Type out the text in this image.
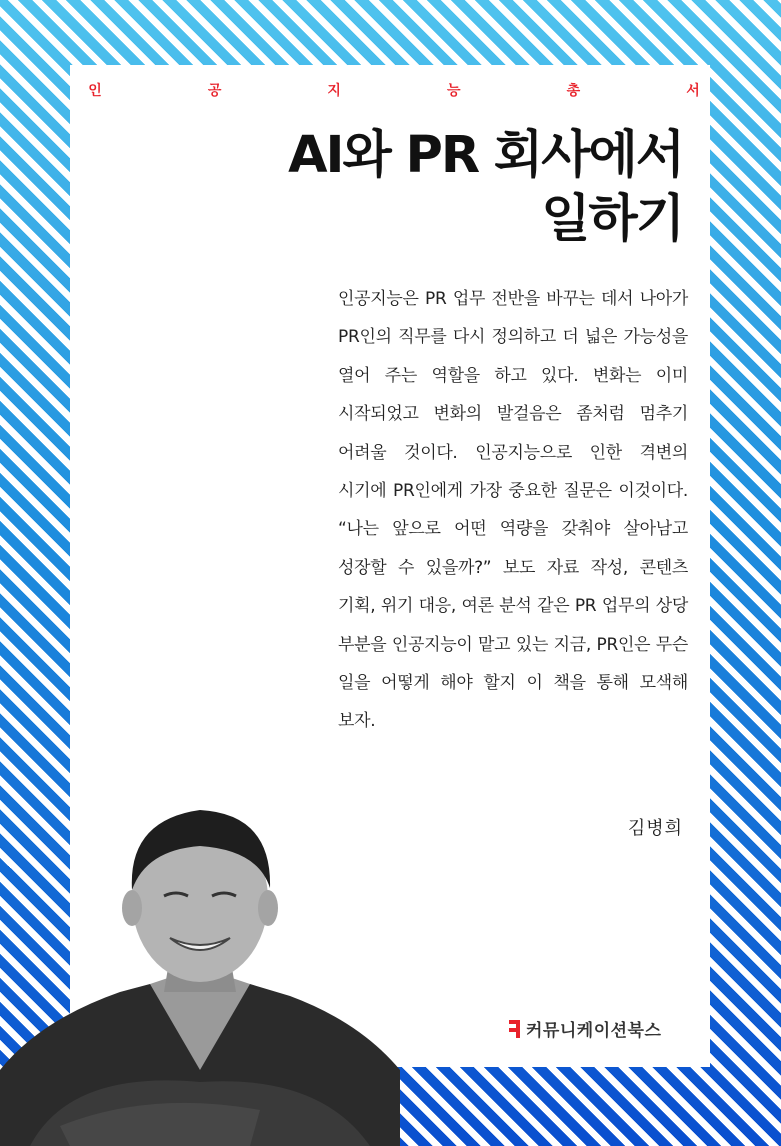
인	공	지	능	총	서
AI와 PR 회사에서
일하기

인공지능은 PR 업무 전반을 바꾸는 데서 나아가 PR인의 직무를 다시 정의하고 더 넓은 가능성을 열어 주는 역할을 하고 있다. 변화는 이미 시작되었고 변화의 발걸음은 좀처럼 멈추기 어려울 것이다. 인공지능으로 인한 격변의 시기에 PR인에게 가장 중요한 질문은 이것이다. “나는 앞으로 어떤 역량을 갖춰야 살아남고 성장할 수 있을까?” 보도 자료 작성, 콘텐츠 기획, 위기 대응, 여론 분석 같은 PR 업무의 상당 부분을 인공지능이 맡고 있는 지금, PR인은 무슨 일을 어떻게 해야 할지 이 책을 통해 모색해 보자.

김병희
커뮤니케이션북스
